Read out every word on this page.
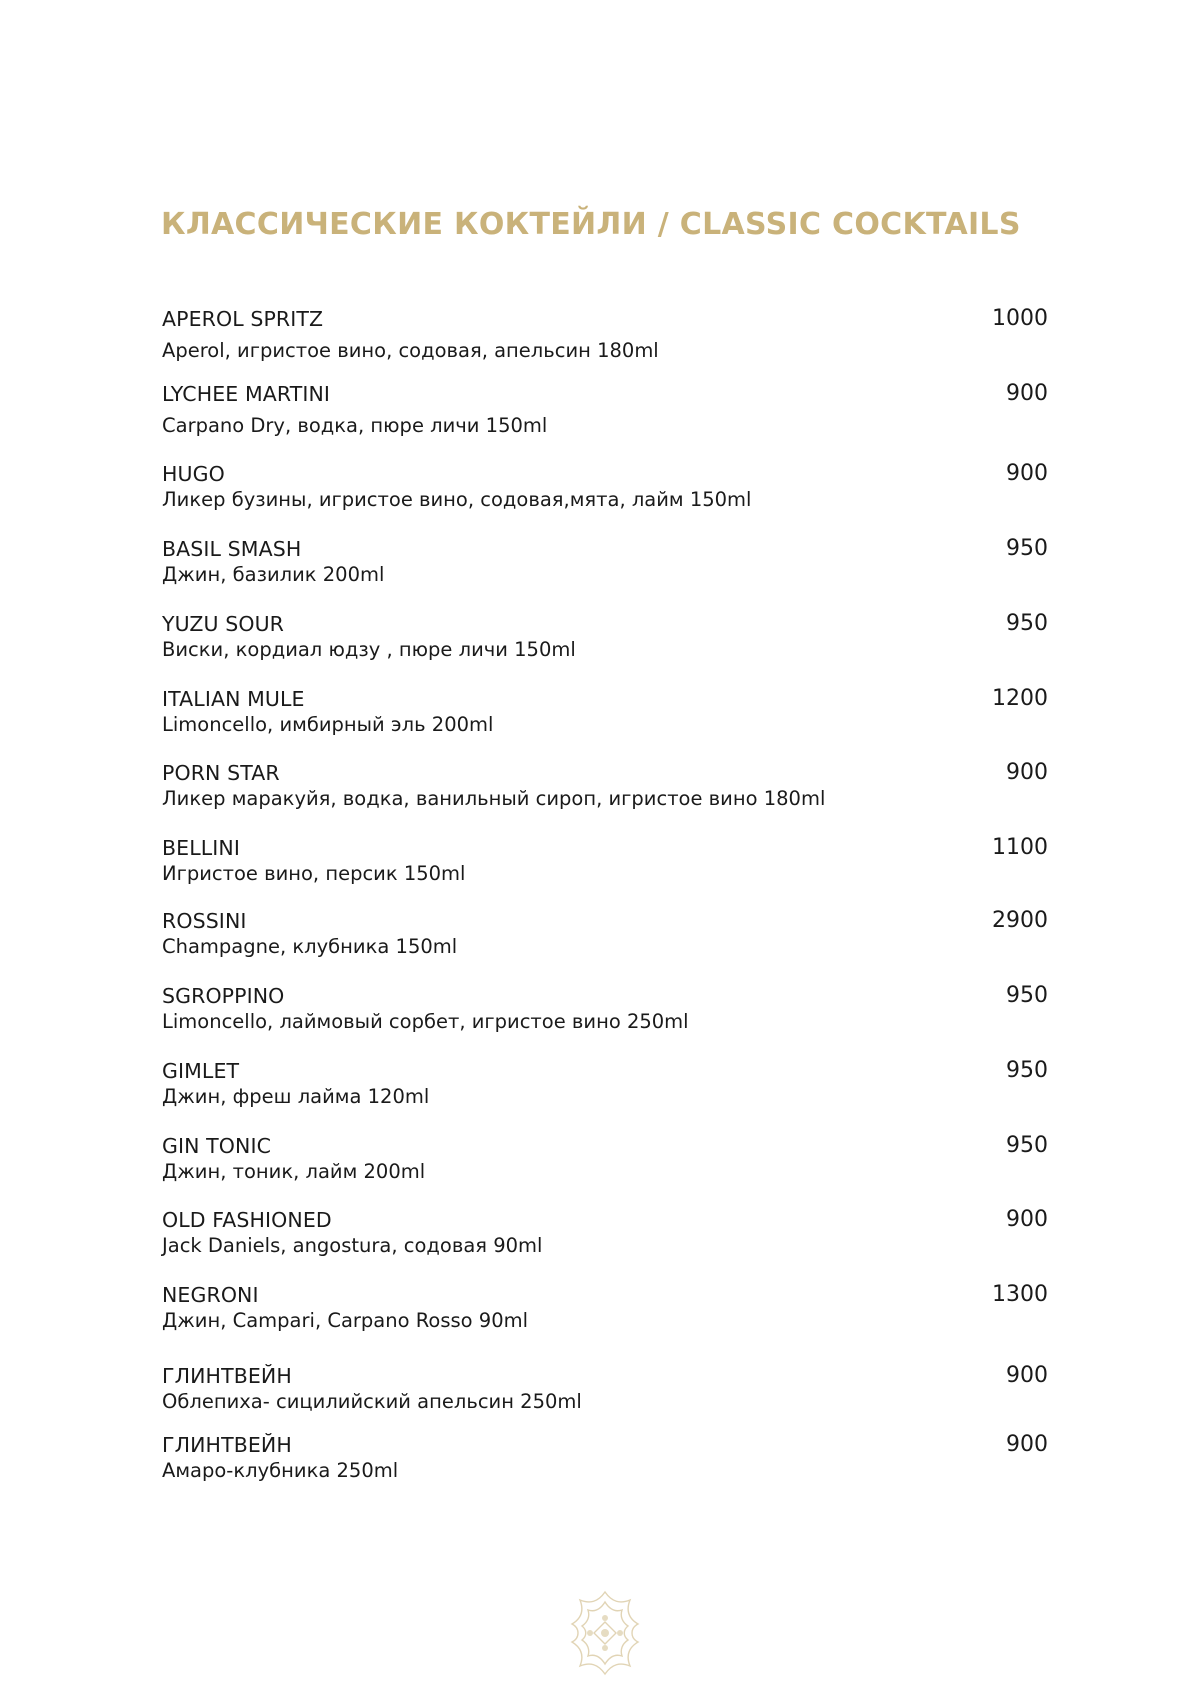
КЛАССИЧЕСКИЕ КОКТЕЙЛИ / CLASSIC COCKTAILS
APEROL SPRITZ
Aperol, игристое вино, содовая, апельсин 180ml
1000
LYCHEE MARTINI
Carpano Dry, водка, пюре личи 150ml
900
HUGO
Ликер бузины, игристое вино, содовая,мята, лайм 150ml
900
BASIL SMASH
Джин, базилик 200ml
950
YUZU SOUR
Виски, кордиал юдзу , пюре личи 150ml
950
ITALIAN MULE
Limoncello, имбирный эль 200ml
1200
PORN STAR
Ликер маракуйя, водка, ванильный сироп, игристое вино 180ml
900
BELLINI
Игристое вино, персик 150ml
1100
ROSSINI
Champagne, клубника 150ml
2900
SGROPPINO
Limoncello, лаймовый сорбет, игристое вино 250ml
950
GIMLET
Джин, фреш лайма 120ml
950
GIN TONIC
Джин, тоник, лайм 200ml
950
OLD FASHIONED
Jack Daniels, angostura, содовая 90ml
900
NEGRONI
Джин, Campari, Carpano Rosso 90ml
1300
ГЛИНТВЕЙН
Облепиха- сицилийский апельсин 250ml
900
ГЛИНТВЕЙН
Амаро-клубника 250ml
900
